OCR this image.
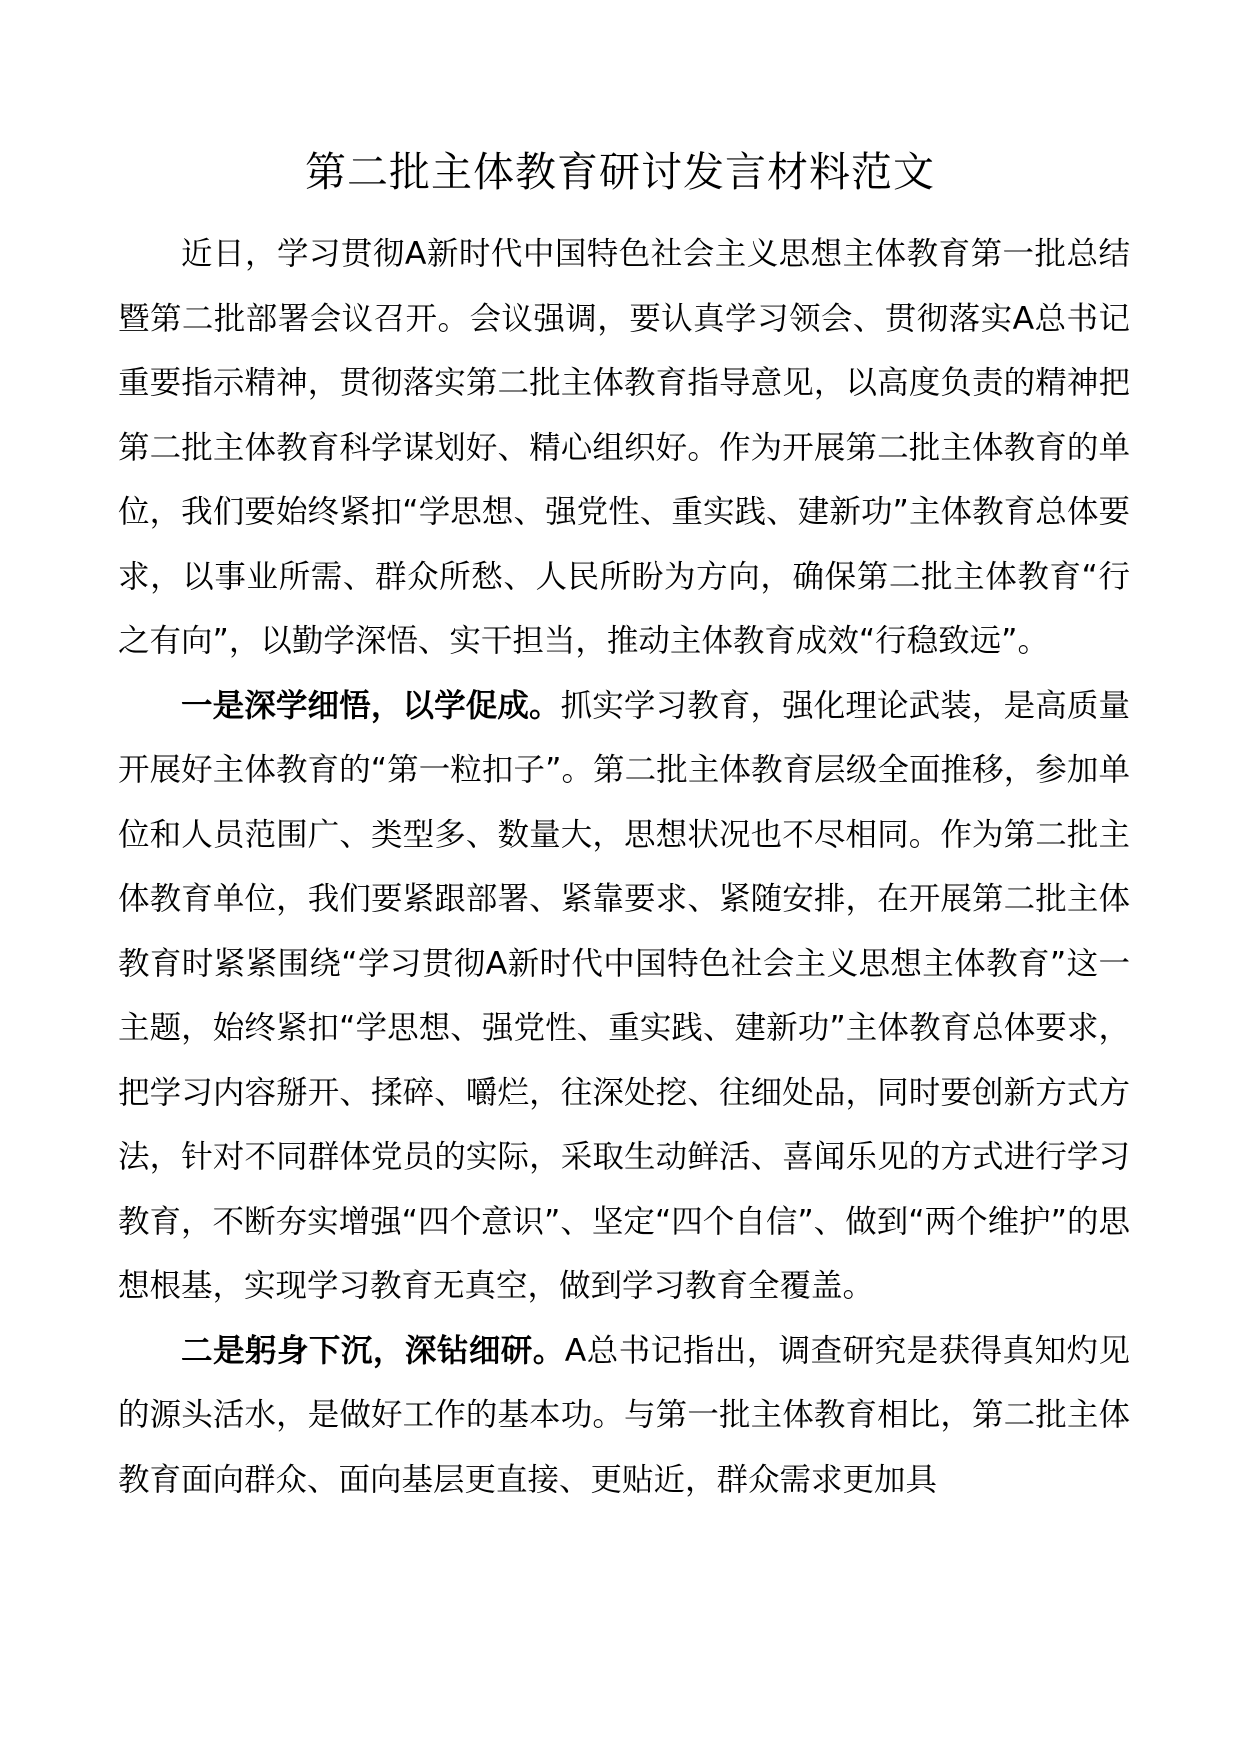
第二批主体教育研讨发言材料范文

近日，学习贯彻A新时代中国特色社会主义思想主体教育第一批总结暨第二批部署会议召开。会议强调，要认真学习领会、贯彻落实A总书记重要指示精神，贯彻落实第二批主体教育指导意见，以高度负责的精神把第二批主体教育科学谋划好、精心组织好。作为开展第二批主体教育的单位，我们要始终紧扣“学思想、强党性、重实践、建新功”主体教育总体要求，以事业所需、群众所愁、人民所盼为方向，确保第二批主体教育“行之有向”，以勤学深悟、实干担当，推动主体教育成效“行稳致远”。

一是深学细悟，以学促成。抓实学习教育，强化理论武装，是高质量开展好主体教育的“第一粒扣子”。第二批主体教育层级全面推移，参加单位和人员范围广、类型多、数量大，思想状况也不尽相同。作为第二批主体教育单位，我们要紧跟部署、紧靠要求、紧随安排，在开展第二批主体教育时紧紧围绕“学习贯彻A新时代中国特色社会主义思想主体教育”这一主题，始终紧扣“学思想、强党性、重实践、建新功”主体教育总体要求，把学习内容掰开、揉碎、嚼烂，往深处挖、往细处品，同时要创新方式方法，针对不同群体党员的实际，采取生动鲜活、喜闻乐见的方式进行学习教育，不断夯实增强“四个意识”、坚定“四个自信”、做到“两个维护”的思想根基，实现学习教育无真空，做到学习教育全覆盖。

二是躬身下沉，深钻细研。A总书记指出，调查研究是获得真知灼见的源头活水，是做好工作的基本功。与第一批主体教育相比，第二批主体教育面向群众、面向基层更直接、更贴近，群众需求更加具
